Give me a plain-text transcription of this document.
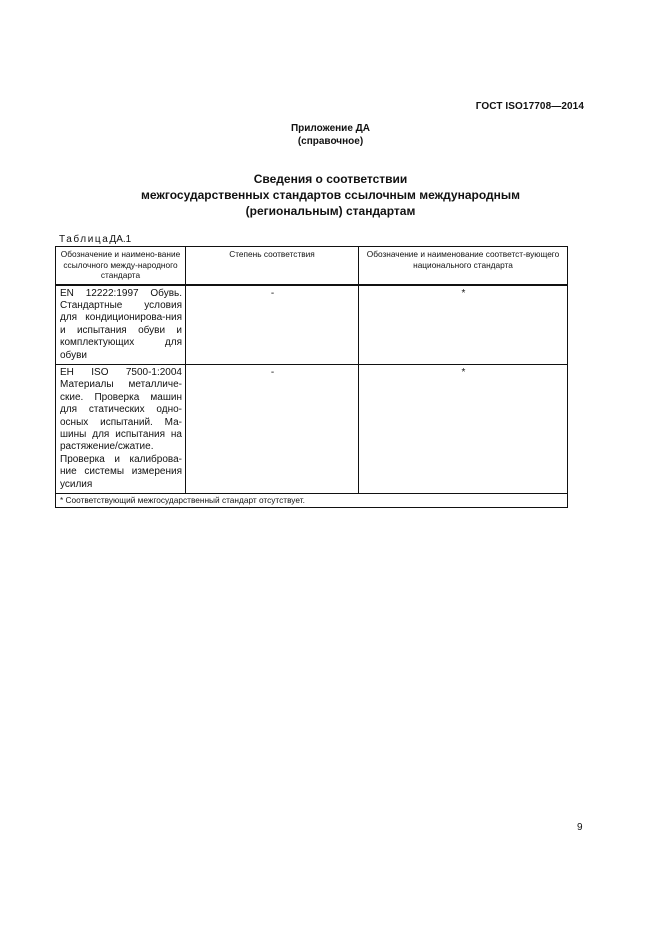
ГОСТ ISO17708—2014
Приложение ДА
(справочное)
Сведения о соответствии
межгосударственных стандартов ссылочным международным
(региональным) стандартам
ТаблицаДА.1
Обозначение и наимено-вание ссылочного между-народного стандарта	Степень соответствия	Обозначение и наименование соответст-вующего национального стандарта
EN 12222:1997 Обувь. Стандартные условия для кондиционирова-ния и испытания обуви и комплектующих для обуви	-	*
ЕН ISO 7500-1:2004 Материалы металличе-ские. Проверка машин для статических одно-осных испытаний. Ма-шины для испытания на растяжение/сжатие. Проверка и калиброва-ние системы измерения усилия	-	*
* Соответствующий межгосударственный стандарт отсутствует.		
9
